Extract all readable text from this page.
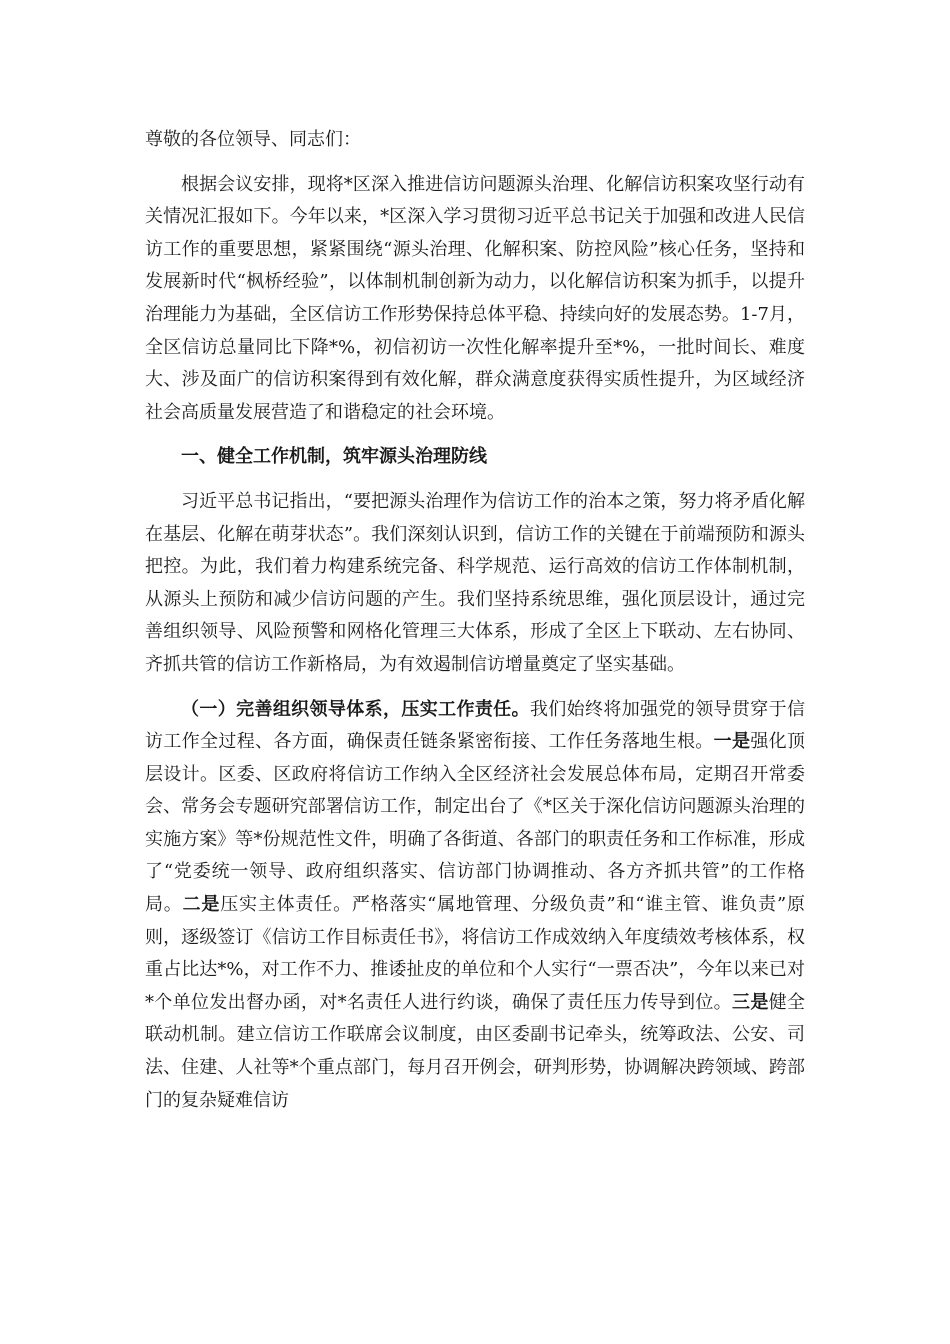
尊敬的各位领导、同志们：

根据会议安排，现将*区深入推进信访问题源头治理、化解信访积案攻坚行动有关情况汇报如下。今年以来，*区深入学习贯彻习近平总书记关于加强和改进人民信访工作的重要思想，紧紧围绕“源头治理、化解积案、防控风险”核心任务，坚持和发展新时代“枫桥经验”，以体制机制创新为动力，以化解信访积案为抓手，以提升治理能力为基础，全区信访工作形势保持总体平稳、持续向好的发展态势。1-7月，全区信访总量同比下降*%，初信初访一次性化解率提升至*%，一批时间长、难度大、涉及面广的信访积案得到有效化解，群众满意度获得实质性提升，为区域经济社会高质量发展营造了和谐稳定的社会环境。

一、健全工作机制，筑牢源头治理防线

习近平总书记指出，“要把源头治理作为信访工作的治本之策，努力将矛盾化解在基层、化解在萌芽状态”。我们深刻认识到，信访工作的关键在于前端预防和源头把控。为此，我们着力构建系统完备、科学规范、运行高效的信访工作体制机制，从源头上预防和减少信访问题的产生。我们坚持系统思维，强化顶层设计，通过完善组织领导、风险预警和网格化管理三大体系，形成了全区上下联动、左右协同、齐抓共管的信访工作新格局，为有效遏制信访增量奠定了坚实基础。

（一）完善组织领导体系，压实工作责任。我们始终将加强党的领导贯穿于信访工作全过程、各方面，确保责任链条紧密衔接、工作任务落地生根。一是强化顶层设计。区委、区政府将信访工作纳入全区经济社会发展总体布局，定期召开常委会、常务会专题研究部署信访工作，制定出台了《*区关于深化信访问题源头治理的实施方案》等*份规范性文件，明确了各街道、各部门的职责任务和工作标准，形成了“党委统一领导、政府组织落实、信访部门协调推动、各方齐抓共管”的工作格局。二是压实主体责任。严格落实“属地管理、分级负责”和“谁主管、谁负责”原则，逐级签订《信访工作目标责任书》，将信访工作成效纳入年度绩效考核体系，权重占比达*%，对工作不力、推诿扯皮的单位和个人实行“一票否决”，今年以来已对*个单位发出督办函，对*名责任人进行约谈，确保了责任压力传导到位。三是健全联动机制。建立信访工作联席会议制度，由区委副书记牵头，统筹政法、公安、司法、住建、人社等*个重点部门，每月召开例会，研判形势，协调解决跨领域、跨部门的复杂疑难信访
